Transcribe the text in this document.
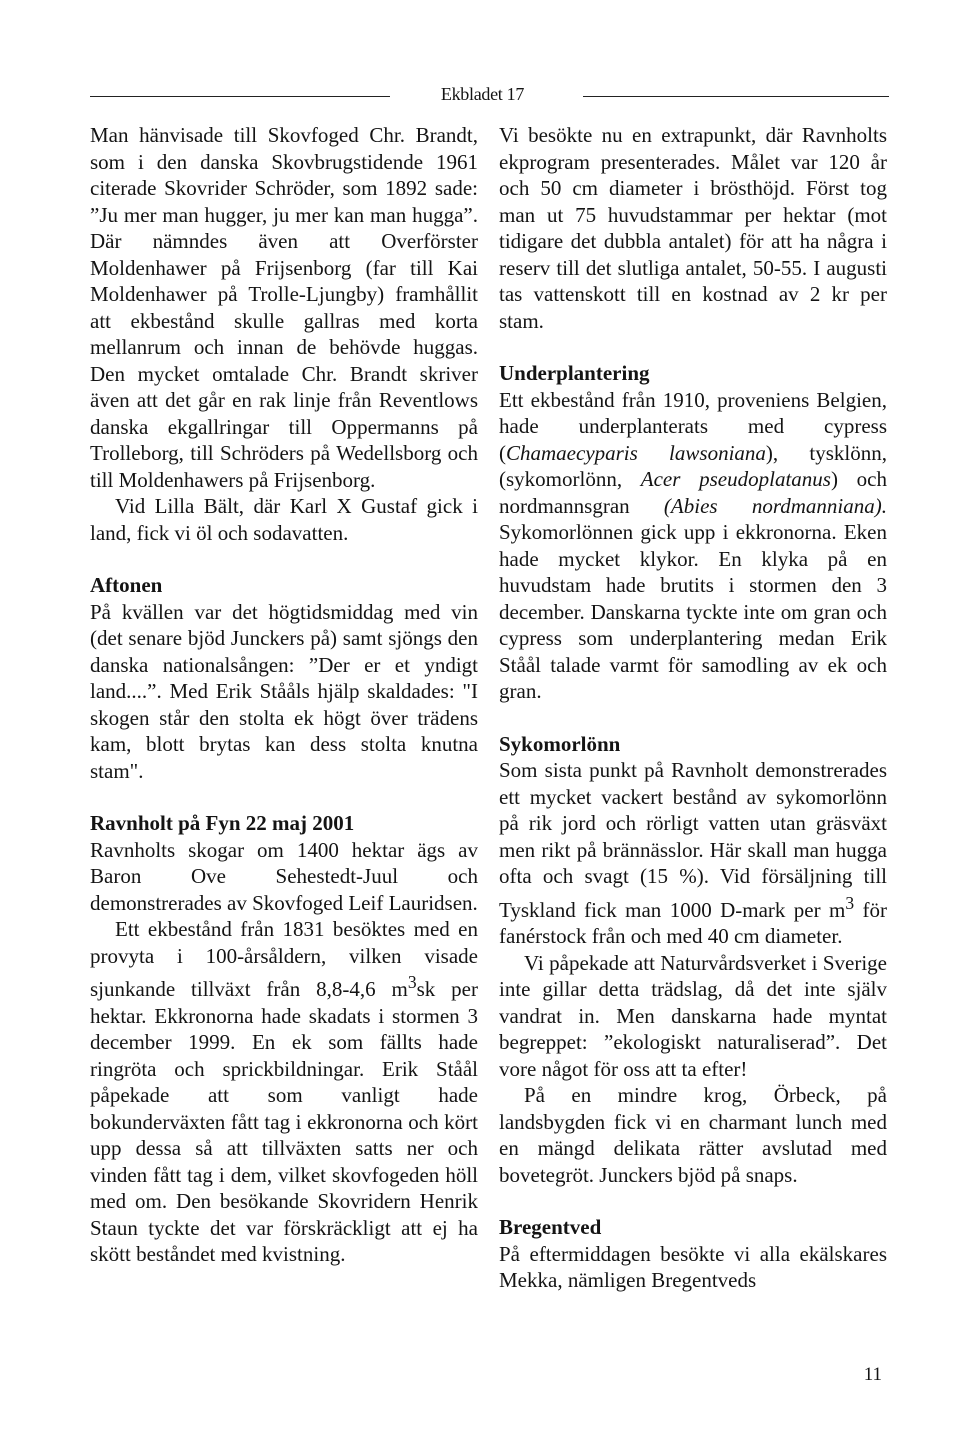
Ekbladet 17

Man hänvisade till Skovfoged Chr. Brandt, som i den danska Skovbrugstidende 1961 citerade Skovrider Schröder, som 1892 sade: ”Ju mer man hugger, ju mer kan man hugga”. Där nämndes även att Overförster Moldenhawer på Frijsenborg (far till Kai Moldenhawer på Trolle-Ljungby) framhållit att ekbestånd skulle gallras med korta mellanrum och innan de behövde huggas. Den mycket omtalade Chr. Brandt skriver även att det går en rak linje från Reventlows danska ekgallringar till Oppermanns på Trolleborg, till Schröders på Wedellsborg och till Moldenhawers på Frijsenborg.

Vid Lilla Bält, där Karl X Gustaf gick i land, fick vi öl och sodavatten.

Aftonen

På kvällen var det högtidsmiddag med vin (det senare bjöd Junckers på) samt sjöngs den danska nationalsången: ”Der er et yndigt land....”. Med Erik Stååls hjälp skaldades: "I skogen står den stolta ek högt över trädens kam, blott brytas kan dess stolta knutna stam".

Ravnholt på Fyn 22 maj 2001

Ravnholts skogar om 1400 hektar ägs av Baron Ove Sehestedt-Juul och demonstrerades av Skovfoged Leif Lauridsen.

Ett ekbestånd från 1831 besöktes med en provyta i 100-årsåldern, vilken visade sjunkande tillväxt från 8,8-4,6 $m^3sk$ per hektar. Ekkronorna hade skadats i stormen 3 december 1999. En ek som fällts hade ringröta och sprickbildningar. Erik Ståål påpekade att som vanligt hade bokunderväxten fått tag i ekkronorna och kört upp dessa så att tillväxten satts ner och vinden fått tag i dem, vilket skovfogeden höll med om. Den besökande Skovridern Henrik Staun tyckte det var förskräckligt att ej ha skött beståndet med kvistning.

Vi besökte nu en extrapunkt, där Ravnholts ekprogram presenterades. Målet var 120 år och 50 cm diameter i brösthöjd. Först tog man ut 75 huvudstammar per hektar (mot tidigare det dubbla antalet) för att ha några i reserv till det slutliga antalet, 50-55. I augusti tas vattenskott till en kostnad av 2 kr per stam.

Underplantering

Ett ekbestånd från 1910, proveniens Belgien, hade underplanterats med cypress (Chamaecyparis lawsoniana), tysklönn, (sykomorlönn, Acer pseudoplatanus) och nordmannsgran (Abies nordmanniana). Sykomorlönnen gick upp i ekkronorna. Eken hade mycket klykor. En klyka på en huvudstam hade brutits i stormen den 3 december. Danskarna tyckte inte om gran och cypress som underplantering medan Erik Ståål talade varmt för samodling av ek och gran.

Sykomorlönn

Som sista punkt på Ravnholt demonstrerades ett mycket vackert bestånd av sykomorlönn på rik jord och rörligt vatten utan gräsväxt men rikt på brännässlor. Här skall man hugga ofta och svagt (15 %). Vid försäljning till Tyskland fick man 1000 D-mark per $m^3$ för fanérstock från och med 40 cm diameter.

Vi påpekade att Naturvårdsverket i Sverige inte gillar detta trädslag, då det inte själv vandrat in. Men danskarna hade myntat begreppet: ”ekologiskt naturaliserad”. Det vore något för oss att ta efter!

På en mindre krog, Örbeck, på landsbygden fick vi en charmant lunch med en mängd delikata rätter avslutad med bovetegröt. Junckers bjöd på snaps.

Bregentved

På eftermiddagen besökte vi alla ekälskares Mekka, nämligen Bregentveds

11
